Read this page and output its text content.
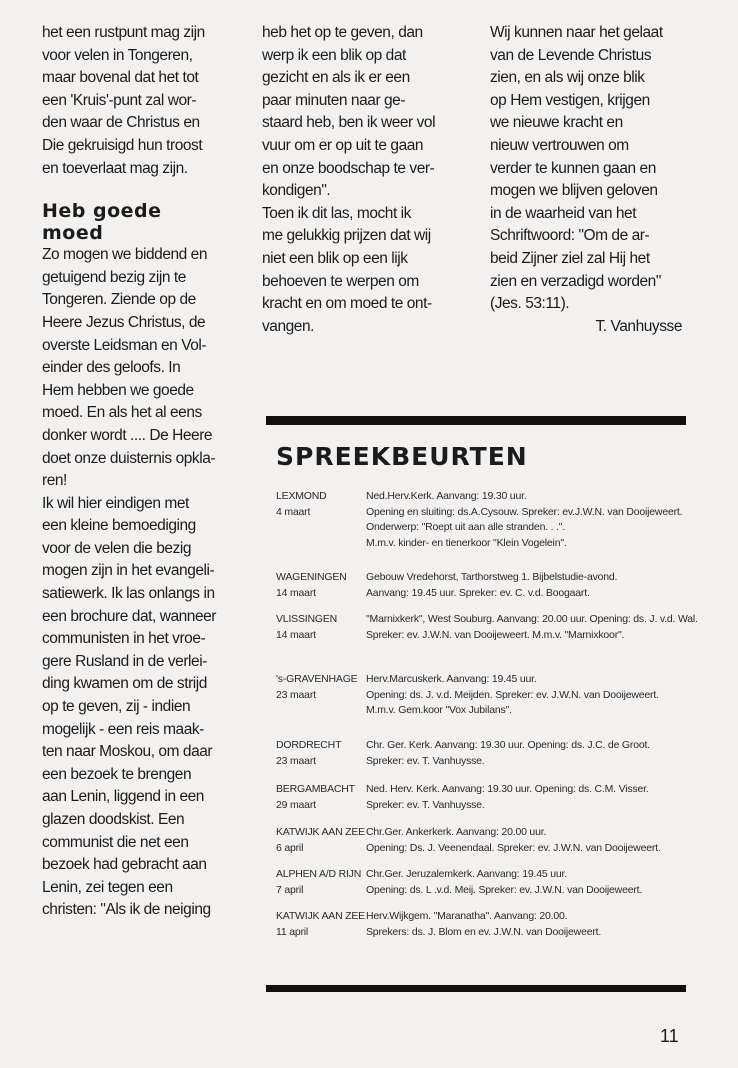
het een rustpunt mag zijn
voor velen in Tongeren,
maar bovenal dat het tot
een 'Kruis'-punt zal wor-
den waar de Christus en
Die gekruisigd hun troost
en toeverlaat mag zijn.
Heb goede
moed
Zo mogen we biddend en
getuigend bezig zijn te
Tongeren. Ziende op de
Heere Jezus Christus, de
overste Leidsman en Vol-
einder des geloofs. In
Hem hebben we goede
moed. En als het al eens
donker wordt .... De Heere
doet onze duisternis opkla-
ren!
Ik wil hier eindigen met
een kleine bemoediging
voor de velen die bezig
mogen zijn in het evangeli-
satiewerk. Ik las onlangs in
een brochure dat, wanneer
communisten in het vroe-
gere Rusland in de verlei-
ding kwamen om de strijd
op te geven, zij - indien
mogelijk - een reis maak-
ten naar Moskou, om daar
een bezoek te brengen
aan Lenin, liggend in een
glazen doodskist. Een
communist die net een
bezoek had gebracht aan
Lenin, zei tegen een
christen: "Als ik de neiging
heb het op te geven, dan
werp ik een blik op dat
gezicht en als ik er een
paar minuten naar ge-
staard heb, ben ik weer vol
vuur om er op uit te gaan
en onze boodschap te ver-
kondigen".
Toen ik dit las, mocht ik
me gelukkig prijzen dat wij
niet een blik op een lijk
behoeven te werpen om
kracht en om moed te ont-
vangen.
Wij kunnen naar het gelaat
van de Levende Christus
zien, en als wij onze blik
op Hem vestigen, krijgen
we nieuwe kracht en
nieuw vertrouwen om
verder te kunnen gaan en
mogen we blijven geloven
in de waarheid van het
Schriftwoord: "Om de ar-
beid Zijner ziel zal Hij het
zien en verzadigd worden"
(Jes. 53:11).
T. Vanhuysse
SPREEKBEURTEN
LEXMOND
4 maart
Ned.Herv.Kerk. Aanvang: 19.30 uur.
Opening en sluiting: ds.A.Cysouw. Spreker: ev.J.W.N. van Dooijeweert.
Onderwerp: "Roept uit aan alle stranden. . .".
M.m.v. kinder- en tienerkoor "Klein Vogelein".
WAGENINGEN
14 maart
Gebouw Vredehorst, Tarthorstweg 1. Bijbelstudie-avond.
Aanvang: 19.45 uur. Spreker: ev. C. v.d. Boogaart.
VLISSINGEN
14 maart
"Marnixkerk", West Souburg. Aanvang: 20.00 uur. Opening: ds. J. v.d. Wal.
Spreker: ev. J.W.N. van Dooijeweert. M.m.v. "Marnixkoor".
's-GRAVENHAGE
23 maart
Herv.Marcuskerk. Aanvang: 19.45 uur.
Opening: ds. J. v.d. Meijden. Spreker: ev. J.W.N. van Dooijeweert.
M.m.v. Gem.koor "Vox Jubilans".
DORDRECHT
23 maart
Chr. Ger. Kerk. Aanvang: 19.30 uur. Opening: ds. J.C. de Groot.
Spreker: ev. T. Vanhuysse.
BERGAMBACHT
29 maart
Ned. Herv. Kerk. Aanvang: 19.30 uur. Opening: ds. C.M. Visser.
Spreker: ev. T. Vanhuysse.
KATWIJK AAN ZEE
6 april
Chr.Ger. Ankerkerk. Aanvang: 20.00 uur.
Opening: Ds. J. Veenendaal. Spreker: ev. J.W.N. van Dooijeweert.
ALPHEN A/D RIJN
7 april
Chr.Ger. Jeruzalemkerk. Aanvang: 19.45 uur.
Opening: ds. L .v.d. Meij. Spreker: ev. J.W.N. van Dooijeweert.
KATWIJK AAN ZEE
11 april
Herv.Wijkgem. "Maranatha". Aanvang: 20.00.
Sprekers: ds. J. Blom en ev. J.W.N. van Dooijeweert.
11
